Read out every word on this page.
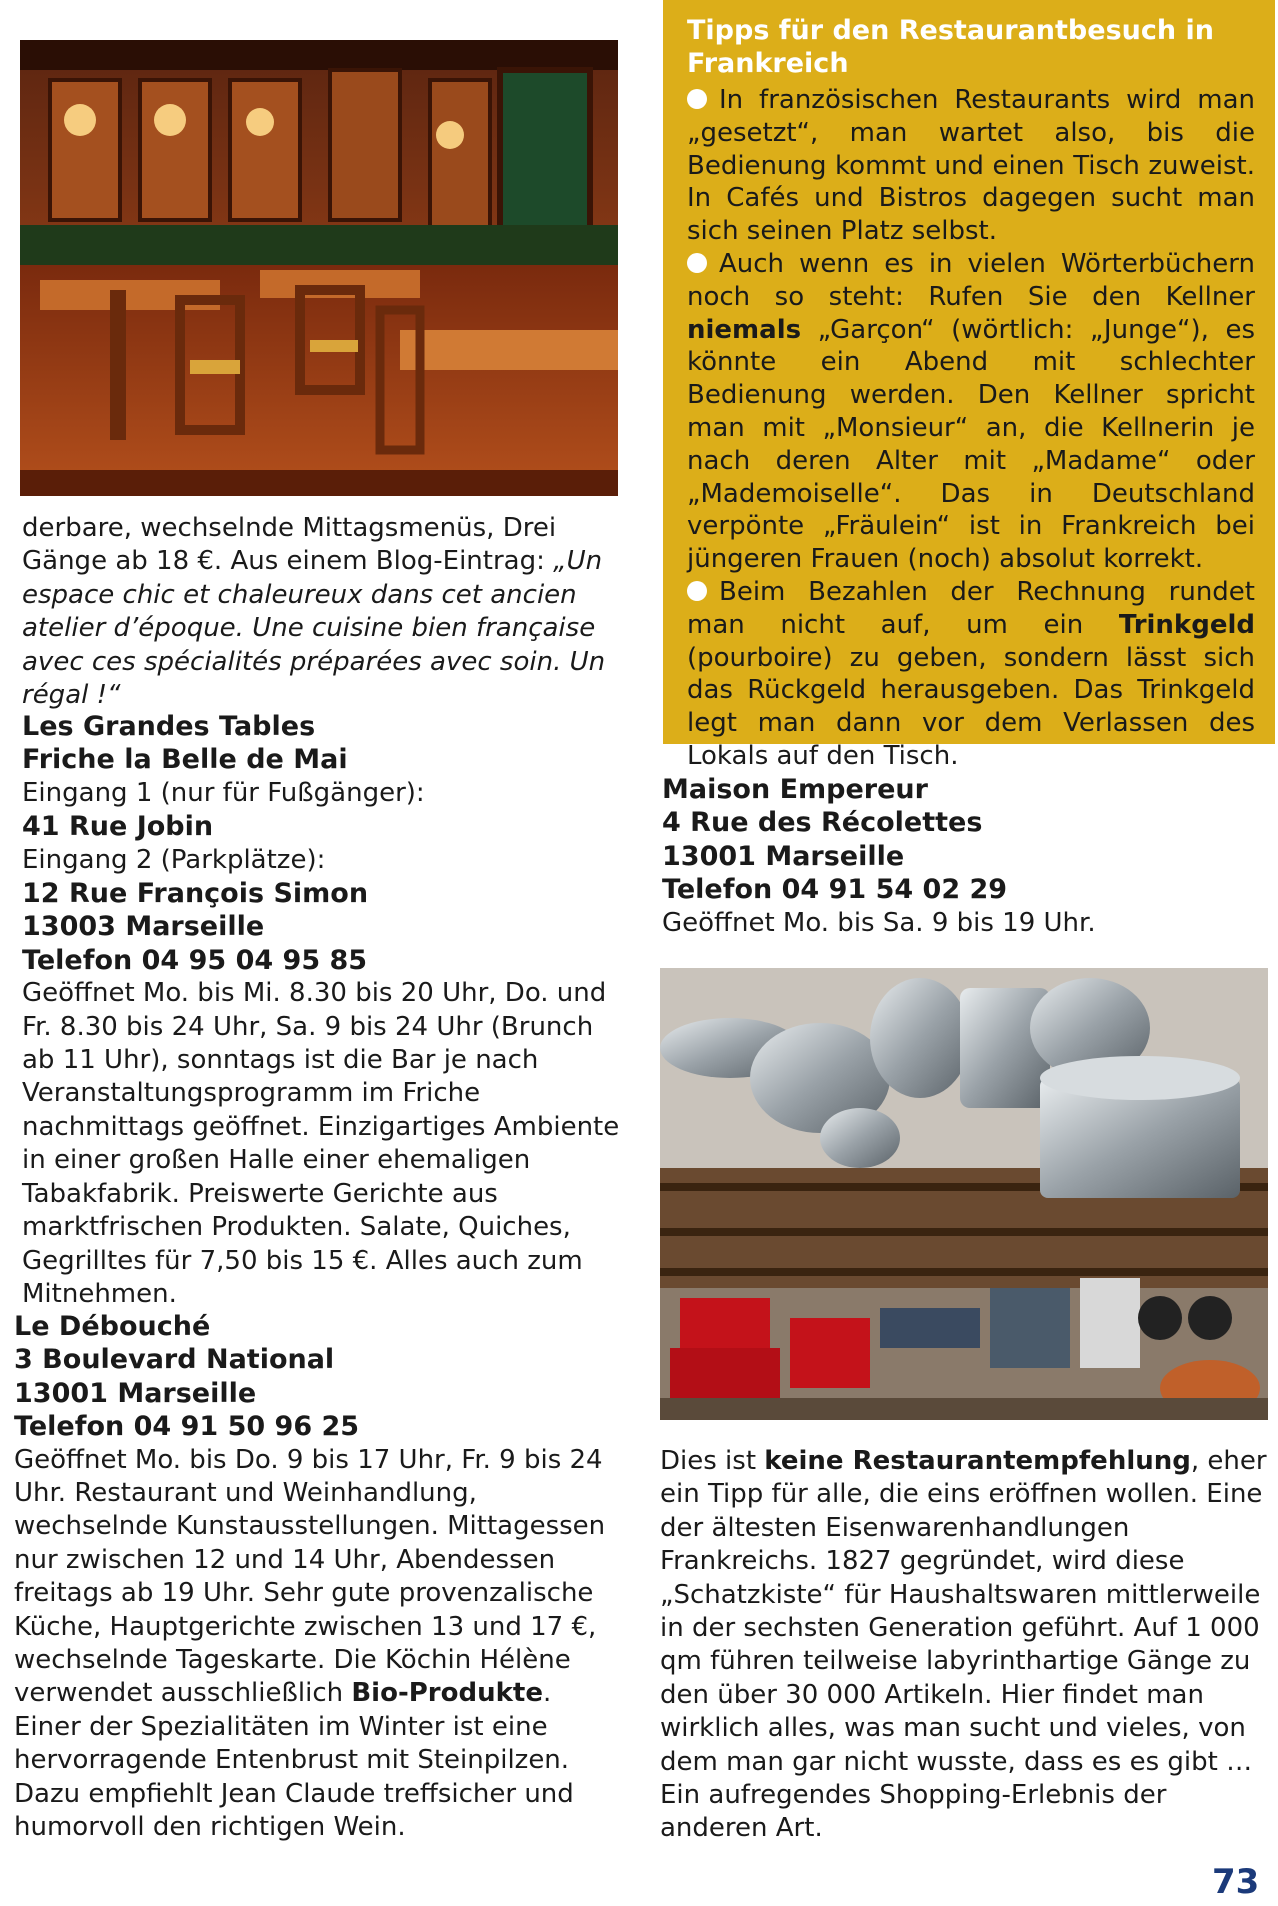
derbare, wechselnde Mittagsmenüs, Drei
Gänge ab 18 €. Aus einem Blog-Eintrag: „Un espace chic et chaleureux dans cet ancien atelier d’époque. Une cuisine bien française avec ces spécialités préparées avec soin. Un régal !“

Les Grandes Tables

Friche la Belle de Mai

Eingang 1 (nur für Fußgänger):

41 Rue Jobin

Eingang 2 (Parkplätze):

12 Rue François Simon

13003 Marseille

Telefon 04 95 04 95 85

Geöffnet Mo. bis Mi. 8.30 bis 20 Uhr, Do. und Fr. 8.30 bis 24 Uhr, Sa. 9 bis 24 Uhr (Brunch ab 11 Uhr), sonntags ist die Bar je nach Veranstaltungsprogramm im Friche nachmittags geöffnet. Einzigartiges Ambiente in einer großen Halle einer ehemaligen Tabakfabrik. Preiswerte Gerichte aus marktfrischen Produkten. Salate, Quiches, Gegrilltes für 7,50 bis 15 €. Alles auch zum Mitnehmen.

Le Débouché

3 Boulevard National

13001 Marseille

Telefon 04 91 50 96 25

Geöffnet Mo. bis Do. 9 bis 17 Uhr, Fr. 9 bis 24 Uhr. Restaurant und Weinhandlung, wechselnde Kunstausstellungen. Mittagessen nur zwischen 12 und 14 Uhr, Abendessen freitags ab 19 Uhr. Sehr gute provenzalische Küche, Hauptgerichte zwischen 13 und 17 €, wechselnde Tageskarte. Die Köchin Hélène verwendet ausschließlich Bio-Produkte. Einer der Spezialitäten im Winter ist eine hervorragende Entenbrust mit Steinpilzen. Dazu empfiehlt Jean Claude treffsicher und humorvoll den richtigen Wein.

Tipps für den Restaurantbesuch in Frankreich

In französischen Restaurants wird man „gesetzt“, man wartet also, bis die Bedienung kommt und einen Tisch zuweist. In Cafés und Bistros dagegen sucht man sich seinen Platz selbst.

Auch wenn es in vielen Wörterbüchern noch so steht: Rufen Sie den Kellner niemals „Garçon“ (wörtlich: „Junge“), es könnte ein Abend mit schlechter Bedienung werden. Den Kellner spricht man mit „Monsieur“ an, die Kellnerin je nach deren Alter mit „Madame“ oder „Mademoiselle“. Das in Deutschland verpönte „Fräulein“ ist in Frankreich bei jüngeren Frauen (noch) absolut korrekt.

Beim Bezahlen der Rechnung rundet man nicht auf, um ein Trinkgeld (pourboire) zu geben, sondern lässt sich das Rückgeld herausgeben. Das Trinkgeld legt man dann vor dem Verlassen des Lokals auf den Tisch.

Maison Empereur

4 Rue des Récolettes

13001 Marseille

Telefon 04 91 54 02 29

Geöffnet Mo. bis Sa. 9 bis 19 Uhr.

Dies ist keine Restaurantempfehlung, eher ein Tipp für alle, die eins eröffnen wollen. Eine der ältesten Eisenwarenhandlungen Frankreichs. 1827 gegründet, wird diese „Schatzkiste“ für Haushaltswaren mittlerweile in der sechsten Generation geführt. Auf 1 000 qm führen teilweise labyrinthartige Gänge zu den über 30 000 Artikeln. Hier findet man wirklich alles, was man sucht und vieles, von dem man gar nicht wusste, dass es es gibt … Ein aufregendes Shopping-Erlebnis der anderen Art.

73
